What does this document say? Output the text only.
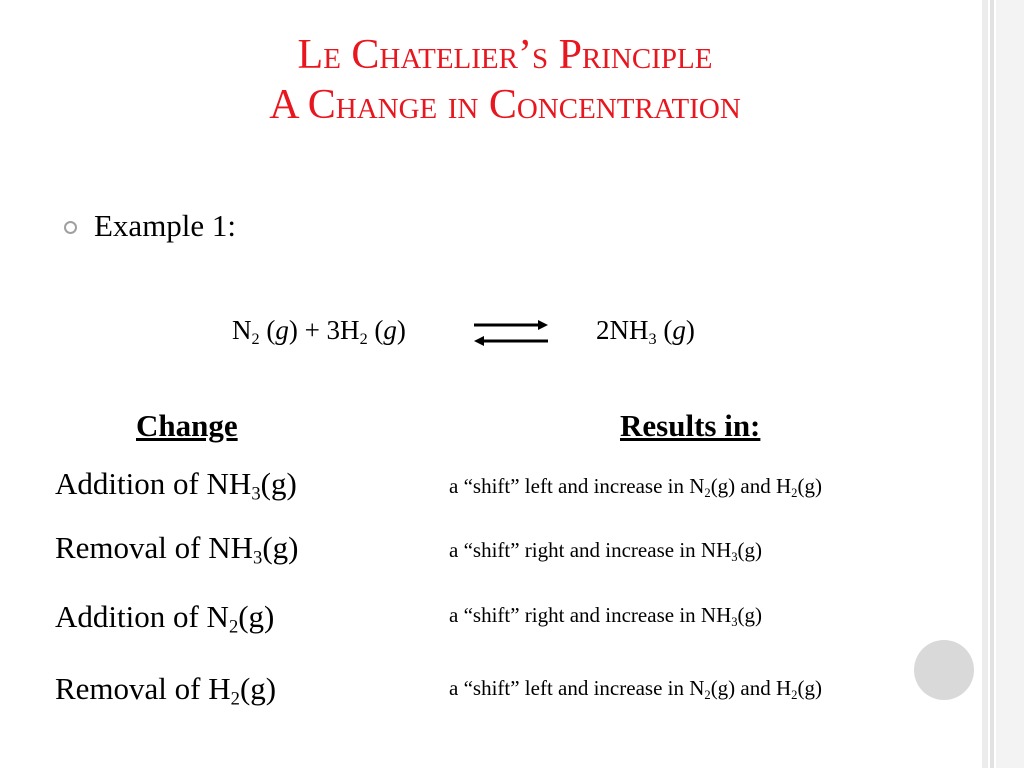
Le Chatelier’s Principle
A Change in Concentration
Example 1:
$N_2$ $(g) + 3H_2$ (g)	$2NH_3$ (g)
Change	Results in:
Addition of $NH_3(g)$	a “shift” left and increase in $N_2(g)$ and $H_2(g)$
Removal of $NH_3(g)$	a “shift” right and increase in $NH_3(g)$
Addition of $N_2(g)$	a “shift” right and increase in $NH_3(g)$
Removal of $H_2(g)$	a “shift” left and increase in $N_2(g)$ and $H_2(g)$
